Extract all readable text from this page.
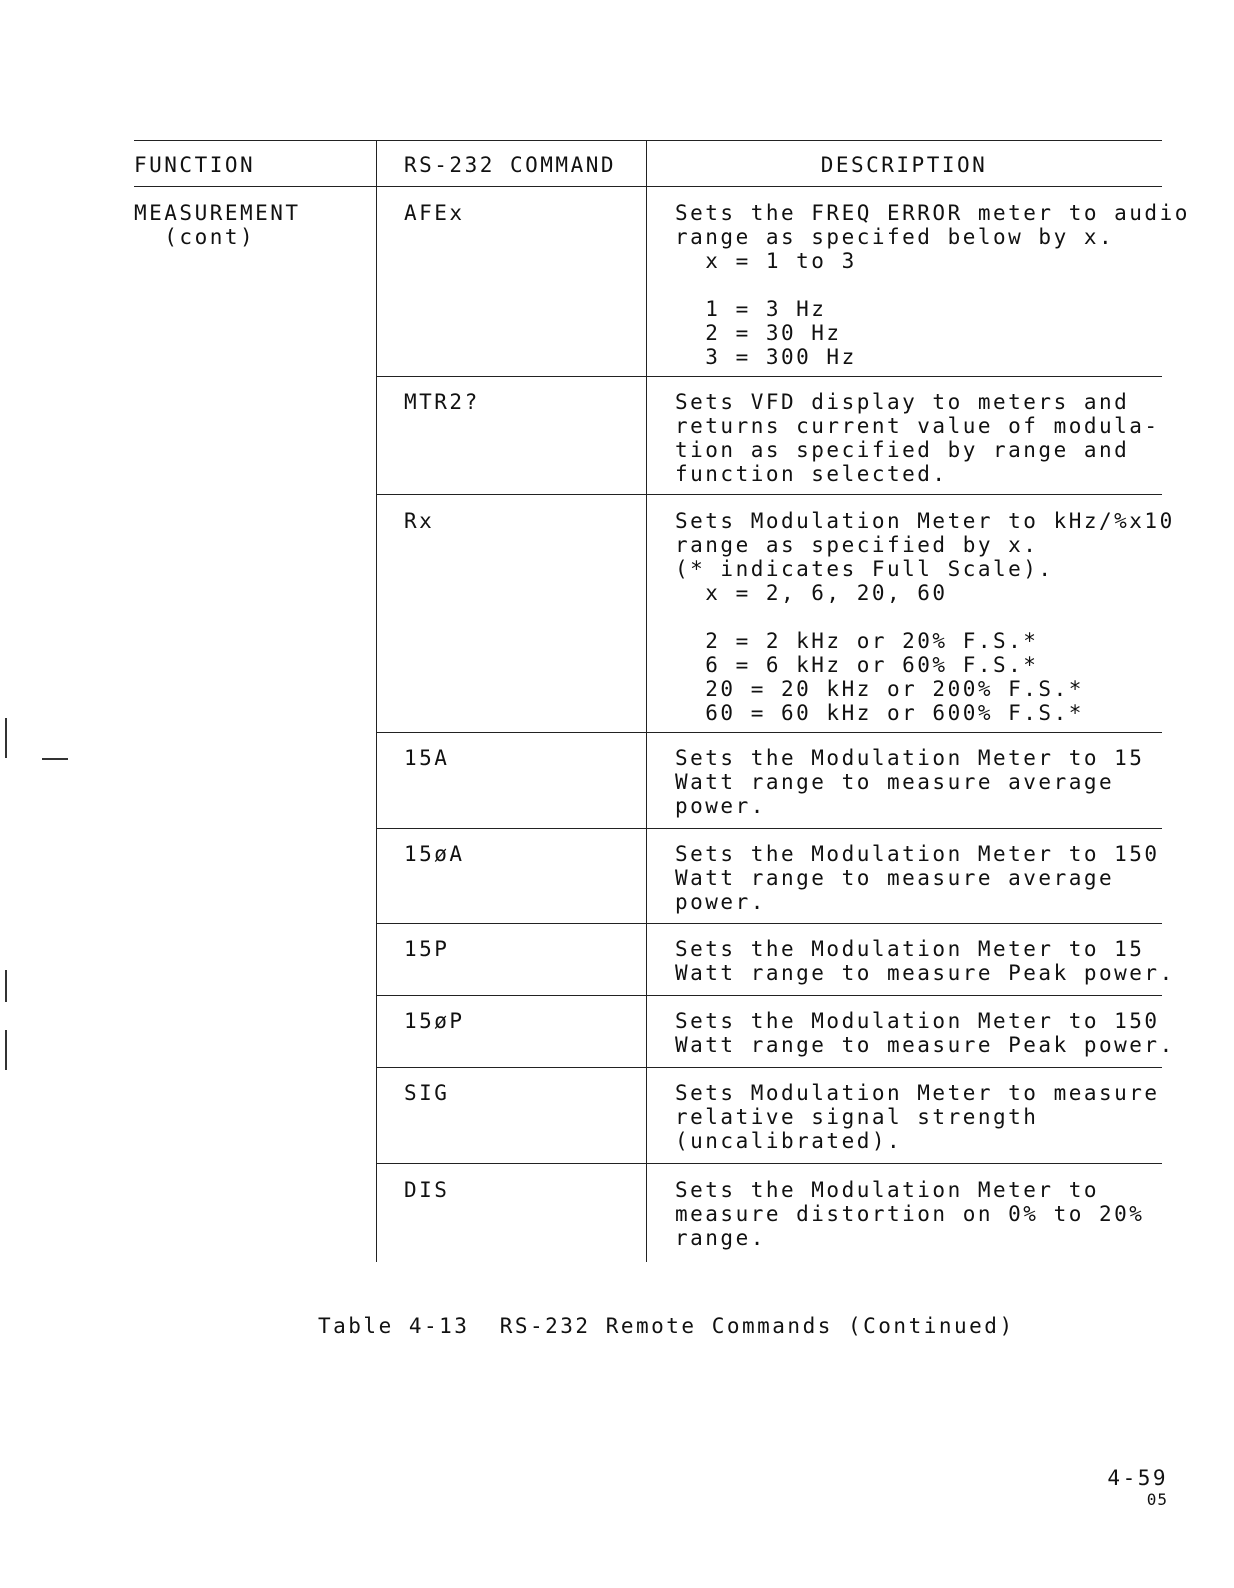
FUNCTION	RS-232 COMMAND	DESCRIPTION
MEASUREMENT
(cont)
AFEx	Sets the FREQ ERROR meter to audio
range as specifed below by x.
x = 1 to 3

1 = 3 Hz
2 = 30 Hz
3 = 300 Hz
MTR2?	Sets VFD display to meters and
returns current value of modula-
tion as specified by range and
function selected.
Rx	Sets Modulation Meter to kHz/%x10
range as specified by x.
(* indicates Full Scale).
x = 2, 6, 20, 60

2 = 2 kHz or 20% F.S.*
6 = 6 kHz or 60% F.S.*
20 = 20 kHz or 200% F.S.*
60 = 60 kHz or 600% F.S.*
15A	Sets the Modulation Meter to 15
Watt range to measure average
power.
15øA	Sets the Modulation Meter to 150
Watt range to measure average
power.
15P	Sets the Modulation Meter to 15
Watt range to measure Peak power.
15øP	Sets the Modulation Meter to 150
Watt range to measure Peak power.
SIG	Sets Modulation Meter to measure
relative signal strength
(uncalibrated).
DIS	Sets the Modulation Meter to
measure distortion on 0% to 20%
range.
Table 4-13  RS-232 Remote Commands (Continued)
4-59
05
